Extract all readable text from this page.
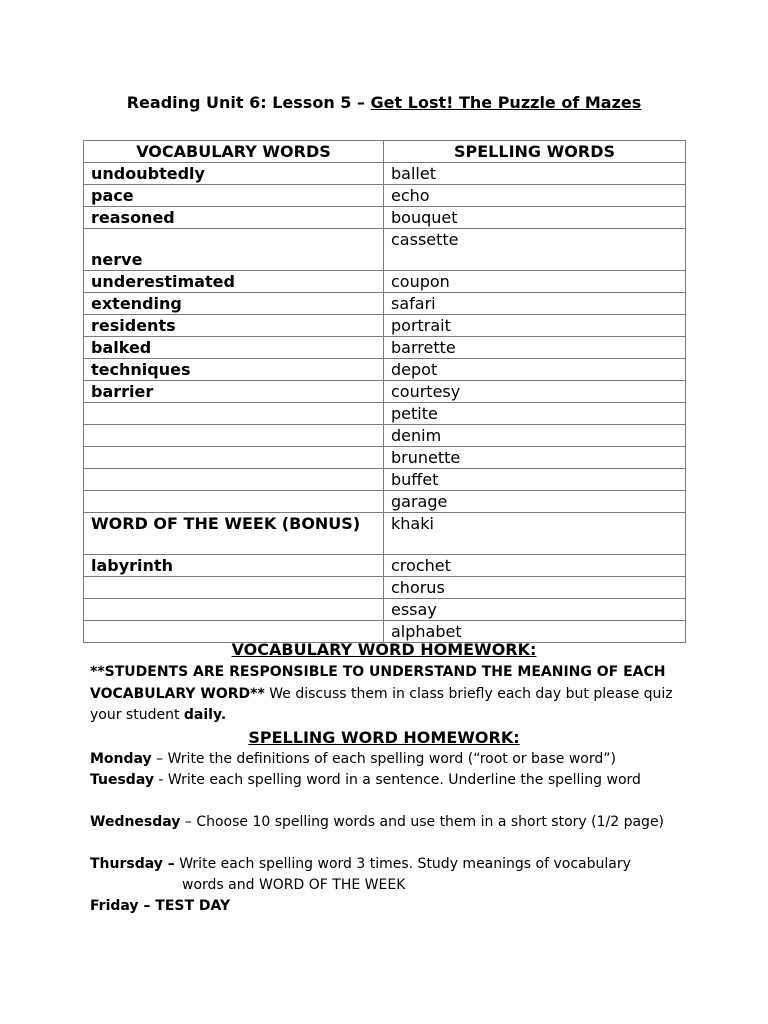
Reading Unit 6: Lesson 5 – Get Lost! The Puzzle of Mazes
VOCABULARY WORDS	SPELLING WORDS
undoubtedly	ballet
pace	echo
reasoned	bouquet
nerve	cassette
underestimated	coupon
extending	safari
residents	portrait
balked	barrette
techniques	depot
barrier	courtesy
	petite
	denim
	brunette
	buffet
	garage
WORD OF THE WEEK (BONUS)	khaki
labyrinth	crochet
	chorus
	essay
	alphabet
VOCABULARY WORD HOMEWORK:
**STUDENTS ARE RESPONSIBLE TO UNDERSTAND THE MEANING OF EACH VOCABULARY WORD** We discuss them in class briefly each day but please quiz your student daily.
SPELLING WORD HOMEWORK:
Monday – Write the definitions of each spelling word (“root or base word”)
Tuesday - Write each spelling word in a sentence. Underline the spelling word
Wednesday – Choose 10 spelling words and use them in a short story (1/2 page)
Thursday – Write each spelling word 3 times. Study meanings of vocabulary
words and WORD OF THE WEEK
Friday – TEST DAY
